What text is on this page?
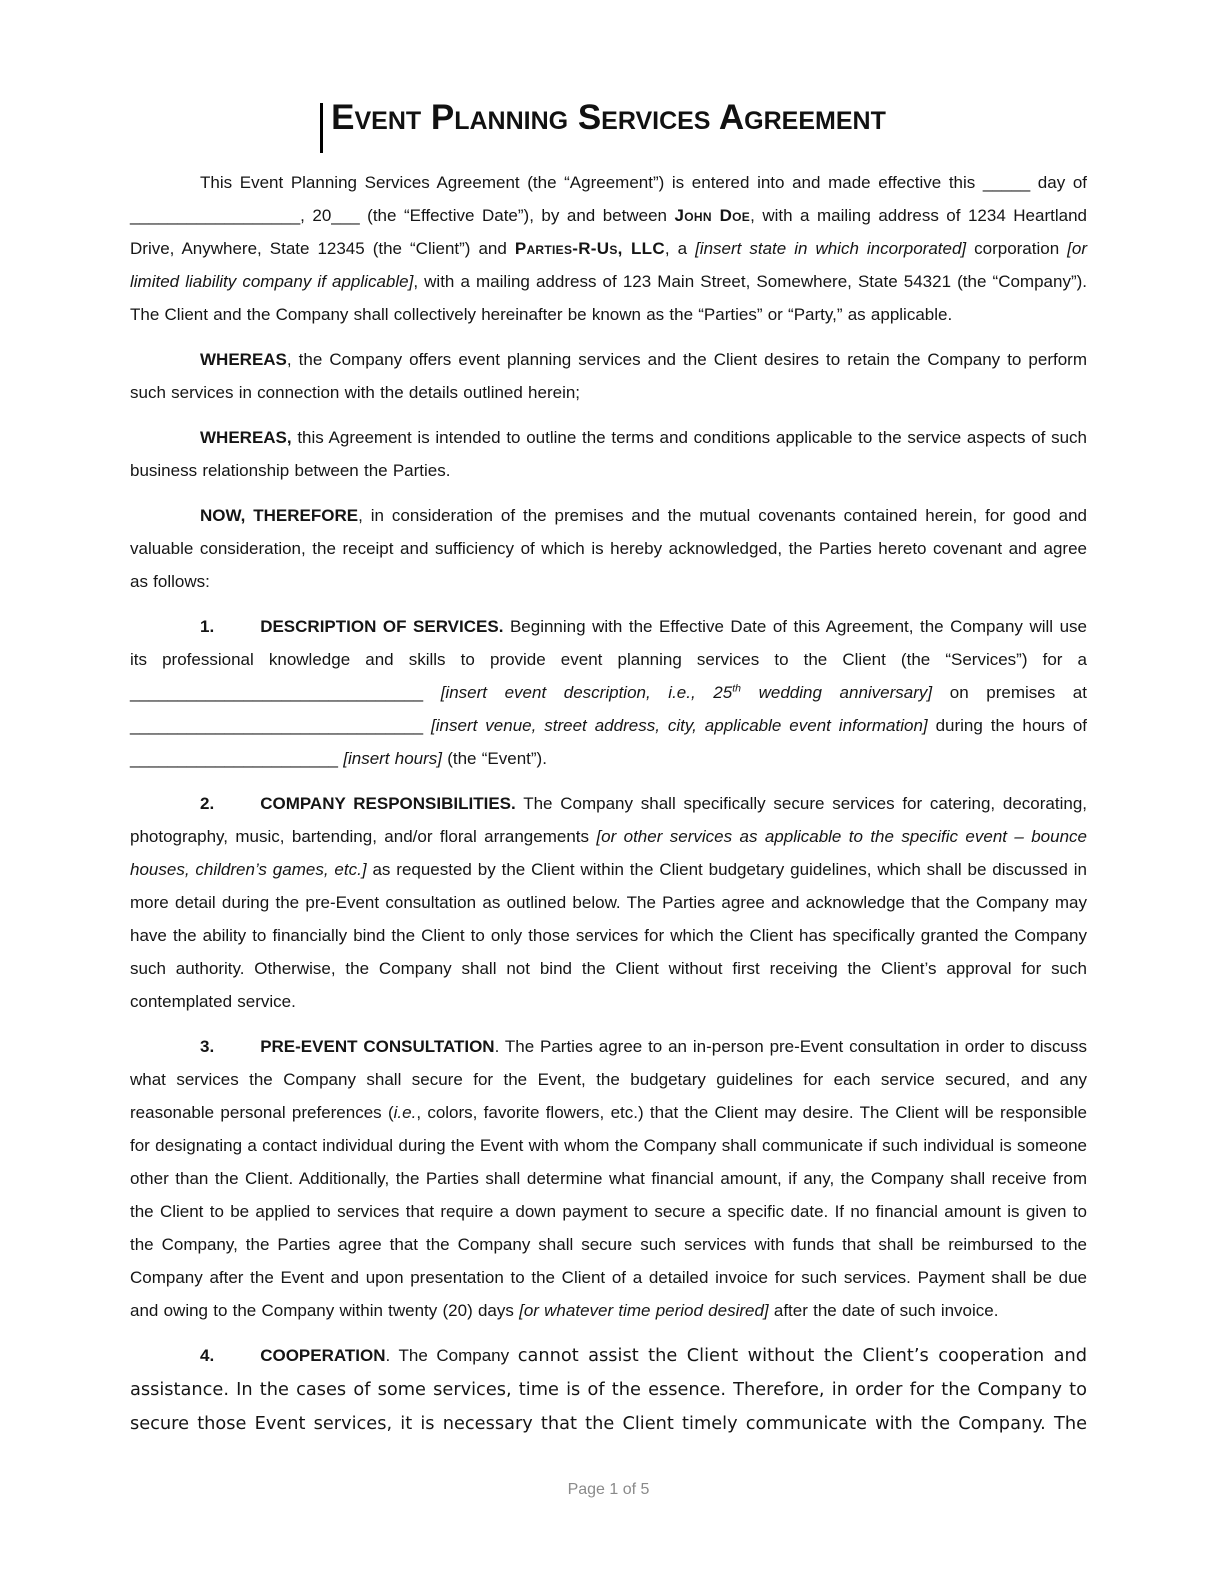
Event Planning Services Agreement

This Event Planning Services Agreement (the “Agreement”) is entered into and made effective this _____ day of __________________, 20___ (the “Effective Date”), by and between John Doe, with a mailing address of 1234 Heartland Drive, Anywhere, State 12345 (the “Client”) and Parties-R-Us, LLC, a [insert state in which incorporated] corporation [or limited liability company if applicable], with a mailing address of 123 Main Street, Somewhere, State 54321 (the “Company”). The Client and the Company shall collectively hereinafter be known as the “Parties” or “Party,” as applicable.

WHEREAS, the Company offers event planning services and the Client desires to retain the Company to perform such services in connection with the details outlined herein;

WHEREAS, this Agreement is intended to outline the terms and conditions applicable to the service aspects of such business relationship between the Parties.

NOW, THEREFORE, in consideration of the premises and the mutual covenants contained herein, for good and valuable consideration, the receipt and sufficiency of which is hereby acknowledged, the Parties hereto covenant and agree as follows:

1.	DESCRIPTION OF SERVICES. Beginning with the Effective Date of this Agreement, the Company will use its professional knowledge and skills to provide event planning services to the Client (the “Services”) for a _______________________________ [insert event description, i.e., 25th wedding anniversary] on premises at _______________________________ [insert venue, street address, city, applicable event information] during the hours of ______________________ [insert hours] (the “Event”).

2.	COMPANY RESPONSIBILITIES. The Company shall specifically secure services for catering, decorating, photography, music, bartending, and/or floral arrangements [or other services as applicable to the specific event – bounce houses, children’s games, etc.] as requested by the Client within the Client budgetary guidelines, which shall be discussed in more detail during the pre-Event consultation as outlined below. The Parties agree and acknowledge that the Company may have the ability to financially bind the Client to only those services for which the Client has specifically granted the Company such authority. Otherwise, the Company shall not bind the Client without first receiving the Client’s approval for such contemplated service.

3.	PRE-EVENT CONSULTATION. The Parties agree to an in-person pre-Event consultation in order to discuss what services the Company shall secure for the Event, the budgetary guidelines for each service secured, and any reasonable personal preferences (i.e., colors, favorite flowers, etc.) that the Client may desire. The Client will be responsible for designating a contact individual during the Event with whom the Company shall communicate if such individual is someone other than the Client. Additionally, the Parties shall determine what financial amount, if any, the Company shall receive from the Client to be applied to services that require a down payment to secure a specific date. If no financial amount is given to the Company, the Parties agree that the Company shall secure such services with funds that shall be reimbursed to the Company after the Event and upon presentation to the Client of a detailed invoice for such services. Payment shall be due and owing to the Company within twenty (20) days [or whatever time period desired] after the date of such invoice.

4.	COOPERATION. The Company cannot assist the Client without the Client’s cooperation and assistance. In the cases of some services, time is of the essence. Therefore, in order for the Company to secure those Event services, it is necessary that the Client timely communicate with the Company. The

Page 1 of 5
